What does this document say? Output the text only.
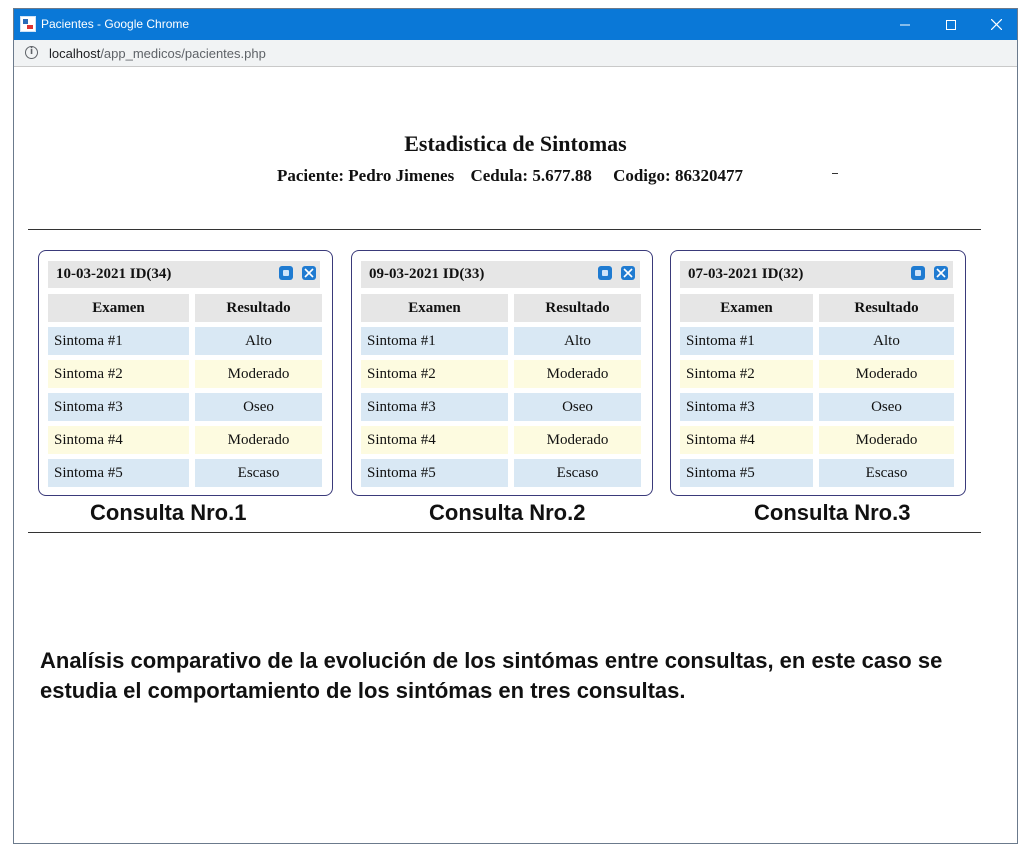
Pacientes - Google Chrome
i	localhost/app_medicos/pacientes.php
Estadistica de Sintomas
Paciente: Pedro Jimenes Cedula: 5.677.88 Codigo: 86320477
10-03-2021 ID(34)
Examen	Resultado
Sintoma #1	Alto
Sintoma #2	Moderado
Sintoma #3	Oseo
Sintoma #4	Moderado
Sintoma #5	Escaso
09-03-2021 ID(33)
Examen	Resultado
Sintoma #1	Alto
Sintoma #2	Moderado
Sintoma #3	Oseo
Sintoma #4	Moderado
Sintoma #5	Escaso
07-03-2021 ID(32)
Examen	Resultado
Sintoma #1	Alto
Sintoma #2	Moderado
Sintoma #3	Oseo
Sintoma #4	Moderado
Sintoma #5	Escaso
Consulta Nro.1	Consulta Nro.2	Consulta Nro.3
Analísis comparativo de la evolución de los sintómas entre consultas, en este caso se estudia el comportamiento de los sintómas en tres consultas.
